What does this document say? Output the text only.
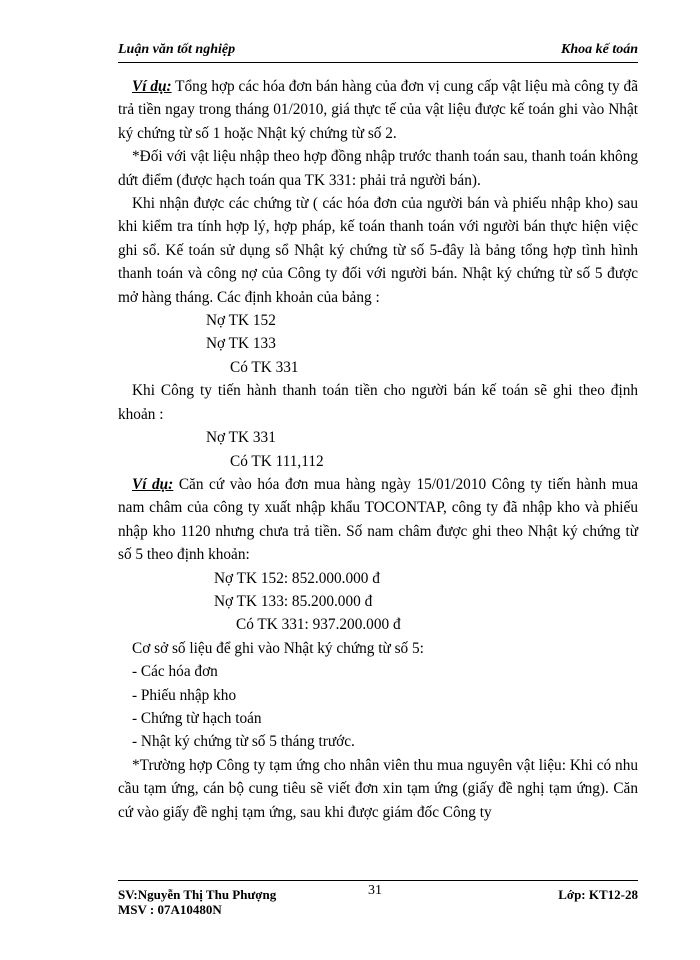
Luận văn tốt nghiệp	Khoa kế toán

Ví dụ: Tổng hợp các hóa đơn bán hàng của đơn vị cung cấp vật liệu mà công ty đã trả tiền ngay trong tháng 01/2010, giá thực tế của vật liệu được kế toán ghi vào Nhật ký chứng từ số 1 hoặc Nhật ký chứng từ số 2.

*Đối với vật liệu nhập theo hợp đồng nhập trước thanh toán sau, thanh toán không dứt điểm (được hạch toán qua TK 331: phải trả người bán).

Khi nhận được các chứng từ ( các hóa đơn của người bán và phiếu nhập kho) sau khi kiểm tra tính hợp lý, hợp pháp, kế toán thanh toán với người bán thực hiện việc ghi sổ. Kế toán sử dụng sổ Nhật ký chứng từ số 5-đây là bảng tổng hợp tình hình thanh toán và công nợ của Công ty đối với người bán. Nhật ký chứng từ số 5 được mở hàng tháng. Các định khoản của bảng :

Nợ TK 152

Nợ TK 133

Có TK 331

Khi Công ty tiến hành thanh toán tiền cho người bán kế toán sẽ ghi theo định khoản :

Nợ TK 331

Có TK 111,112

Ví dụ: Căn cứ vào hóa đơn mua hàng ngày 15/01/2010 Công ty tiến hành mua nam châm của công ty xuất nhập khẩu TOCONTAP, công ty đã nhập kho và phiếu nhập kho 1120 nhưng chưa trả tiền. Số nam châm được ghi theo Nhật ký chứng từ số 5 theo định khoản:

Nợ TK 152: 852.000.000 đ

Nợ TK 133: 85.200.000 đ

Có TK 331: 937.200.000 đ

Cơ sở số liệu để ghi vào Nhật ký chứng từ số 5:

- Các hóa đơn

- Phiếu nhập kho

- Chứng từ hạch toán

- Nhật ký chứng từ số 5 tháng trước.

*Trường hợp Công ty tạm ứng cho nhân viên thu mua nguyên vật liệu: Khi có nhu cầu tạm ứng, cán bộ cung tiêu sẽ viết đơn xin tạm ứng (giấy đề nghị tạm ứng). Căn cứ vào giấy đề nghị tạm ứng, sau khi được giám đốc Công ty

SV:Nguyễn Thị Thu Phượng
MSV : 07A10480N
31	Lớp: KT12-28
